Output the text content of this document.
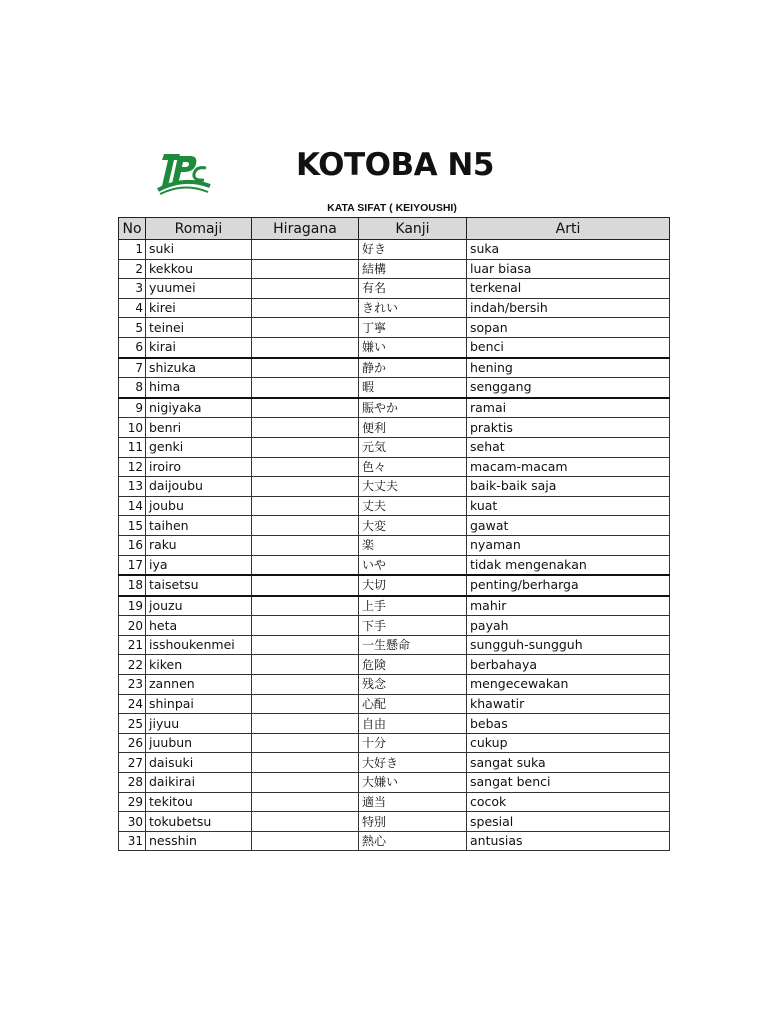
KOTOBA N5
KATA SIFAT ( KEIYOUSHI)
No	Romaji	Hiragana	Kanji	Arti
1	suki		好き	suka
2	kekkou		結構	luar biasa
3	yuumei		有名	terkenal
4	kirei		きれい	indah/bersih
5	teinei		丁寧	sopan
6	kirai		嫌い	benci
7	shizuka		静か	hening
8	hima		暇	senggang
9	nigiyaka		賑やか	ramai
10	benri		便利	praktis
11	genki		元気	sehat
12	iroiro		色々	macam-macam
13	daijoubu		大丈夫	baik-baik saja
14	joubu		丈夫	kuat
15	taihen		大変	gawat
16	raku		楽	nyaman
17	iya		いや	tidak mengenakan
18	taisetsu		大切	penting/berharga
19	jouzu		上手	mahir
20	heta		下手	payah
21	isshoukenmei		一生懸命	sungguh-sungguh
22	kiken		危険	berbahaya
23	zannen		残念	mengecewakan
24	shinpai		心配	khawatir
25	jiyuu		自由	bebas
26	juubun		十分	cukup
27	daisuki		大好き	sangat suka
28	daikirai		大嫌い	sangat benci
29	tekitou		適当	cocok
30	tokubetsu		特別	spesial
31	nesshin		熱心	antusias
